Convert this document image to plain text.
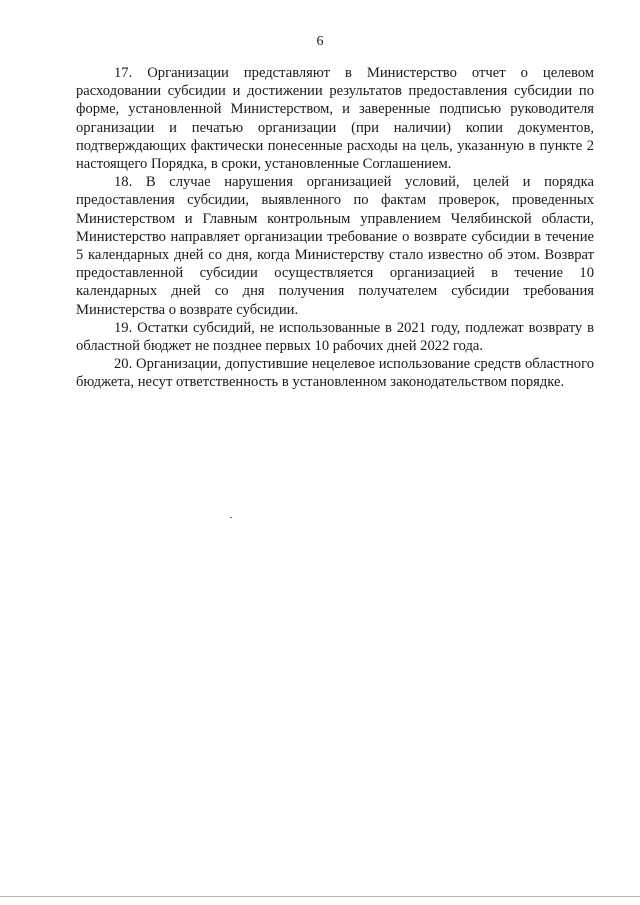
6

17. Организации представляют в Министерство отчет о целевом расходовании субсидии и достижении результатов предоставления субсидии по форме, установленной Министерством, и заверенные подписью руководителя организации и печатью организации (при наличии) копии документов, подтверждающих фактически понесенные расходы на цель, указанную в пункте 2 настоящего Порядка, в сроки, установленные Соглашением.

18. В случае нарушения организацией условий, целей и порядка предоставления субсидии, выявленного по фактам проверок, проведенных Министерством и Главным контрольным управлением Челябинской области, Министерство направляет организации требование о возврате субсидии в течение 5 календарных дней со дня, когда Министерству стало известно об этом. Возврат предоставленной субсидии осуществляется организацией в течение 10 календарных дней со дня получения получателем субсидии требования Министерства о возврате субсидии.

19. Остатки субсидий, не использованные в 2021 году, подлежат возврату в областной бюджет не позднее первых 10 рабочих дней 2022 года.

20. Организации, допустившие нецелевое использование средств областного бюджета, несут ответственность в установленном законодательством порядке.
